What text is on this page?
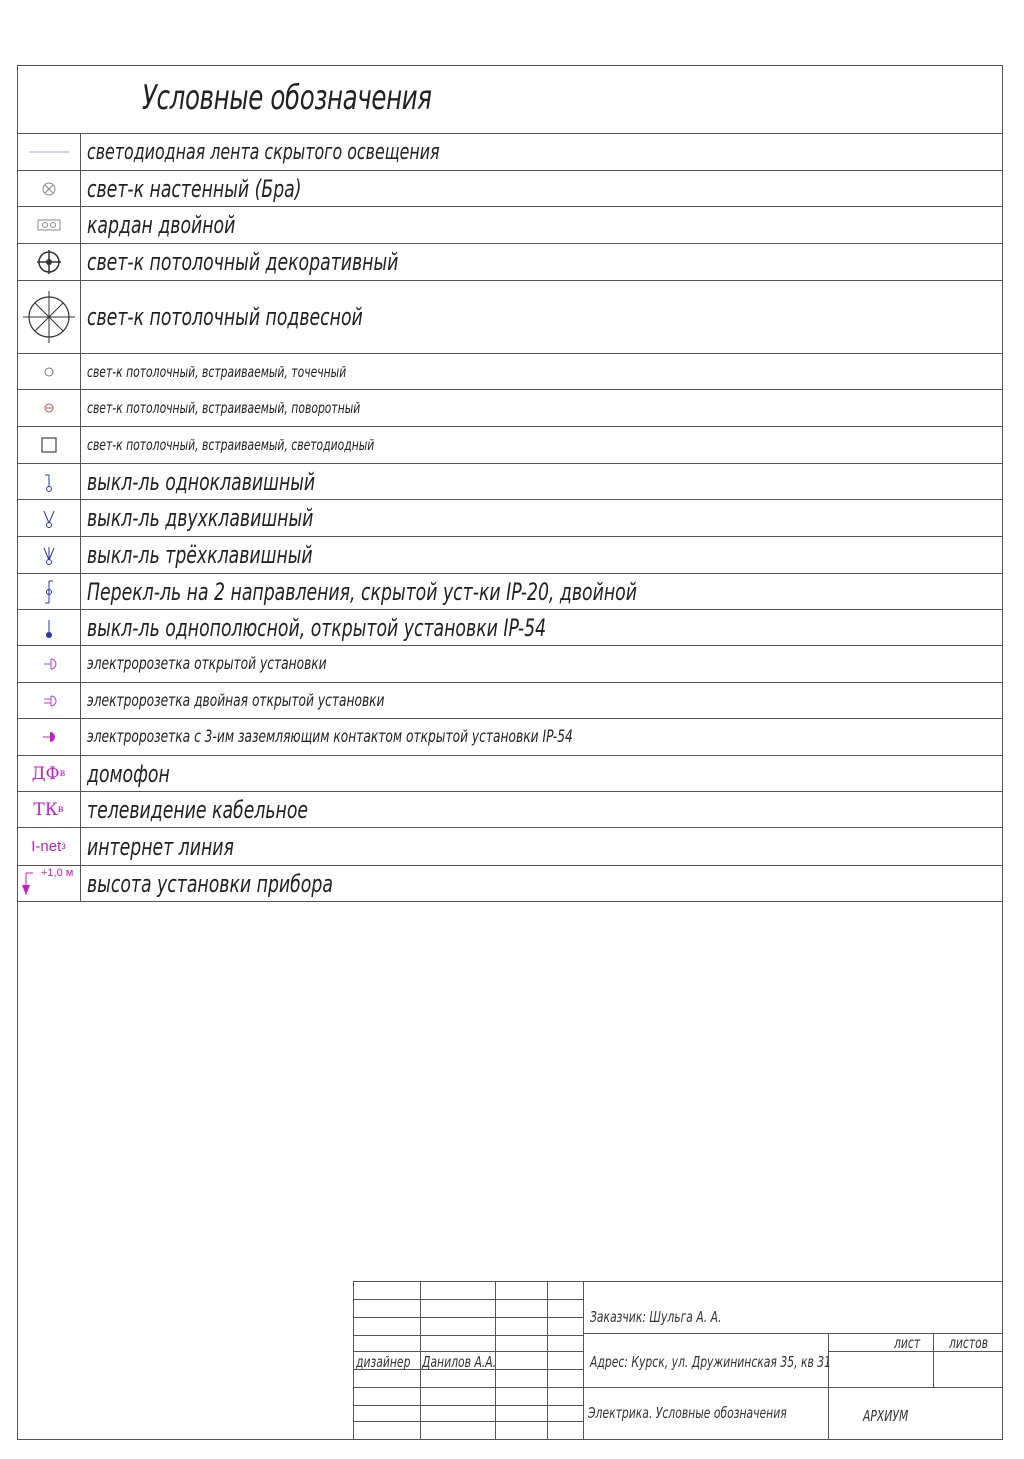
Условные обозначения
светодиодная лента скрытого освещения
свет-к настенный (Бра)
кардан двойной
свет-к потолочный декоративный
свет-к потолочный подвесной
свет-к потолочный, встраиваемый, точечный
свет-к потолочный, встраиваемый, поворотный
свет-к потолочный, встраиваемый, светодиодный
выкл-ль одноклавишный
выкл-ль двухклавишный
выкл-ль трёхклавишный
Перекл-ль на 2 направления, скрытой уст-ки IP-20, двойной
выкл-ль однополюсной, открытой установки IP-54
электророзетка открытой установки
электророзетка двойная открытой установки
электророзетка с 3-им заземляющим контактом открытой установки IP-54
ДФ в домофон
ТК в телевидение кабельное
I-net з интернет линия
+1,0 м высота установки прибора
Заказчик: Шульга А. А.
дизайнер Данилов А.А.	Адрес: Курск, ул. Дружининская 35, кв 31
лист листов
Электрика. Условные обозначения	АРХИУМ
